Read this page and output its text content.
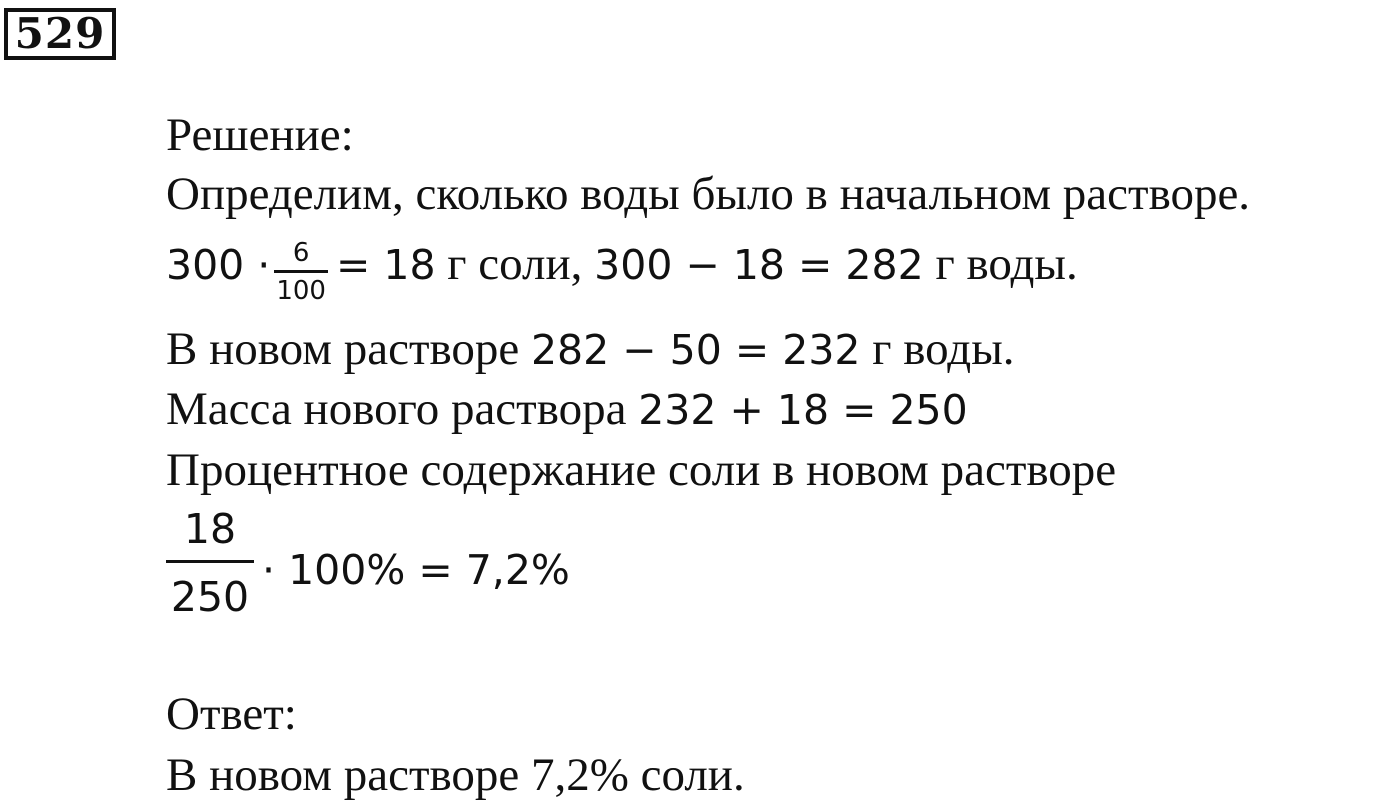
529
Решение:
Определим, сколько воды было в начальном растворе.
$300 \cdot \frac{6}{100} = 18$ г соли, 300 − 18 = 282 г воды.
В новом растворе 282 − 50 = 232 г воды.
Масса нового раствора 232 + 18 = 250
Процентное содержание соли в новом растворе
18
250
· 100% = 7,2%
Ответ:
В новом растворе 7,2% соли.
